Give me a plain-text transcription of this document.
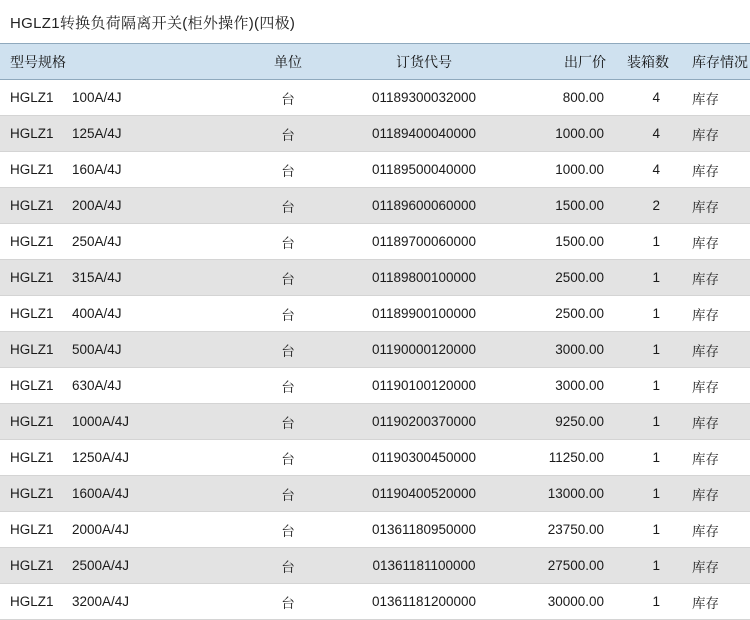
HGLZ1转换负荷隔离开关(柜外操作)(四极)
型号规格	单位	订货代号	出厂价	装箱数	库存情况
HGLZ1 100A/4J	台	01189300032000	800.00	4	库存
HGLZ1 125A/4J	台	01189400040000	1000.00	4	库存
HGLZ1 160A/4J	台	01189500040000	1000.00	4	库存
HGLZ1 200A/4J	台	01189600060000	1500.00	2	库存
HGLZ1 250A/4J	台	01189700060000	1500.00	1	库存
HGLZ1 315A/4J	台	01189800100000	2500.00	1	库存
HGLZ1 400A/4J	台	01189900100000	2500.00	1	库存
HGLZ1 500A/4J	台	01190000120000	3000.00	1	库存
HGLZ1 630A/4J	台	01190100120000	3000.00	1	库存
HGLZ1 1000A/4J	台	01190200370000	9250.00	1	库存
HGLZ1 1250A/4J	台	01190300450000	11250.00	1	库存
HGLZ1 1600A/4J	台	01190400520000	13000.00	1	库存
HGLZ1 2000A/4J	台	01361180950000	23750.00	1	库存
HGLZ1 2500A/4J	台	01361181100000	27500.00	1	库存
HGLZ1 3200A/4J	台	01361181200000	30000.00	1	库存
